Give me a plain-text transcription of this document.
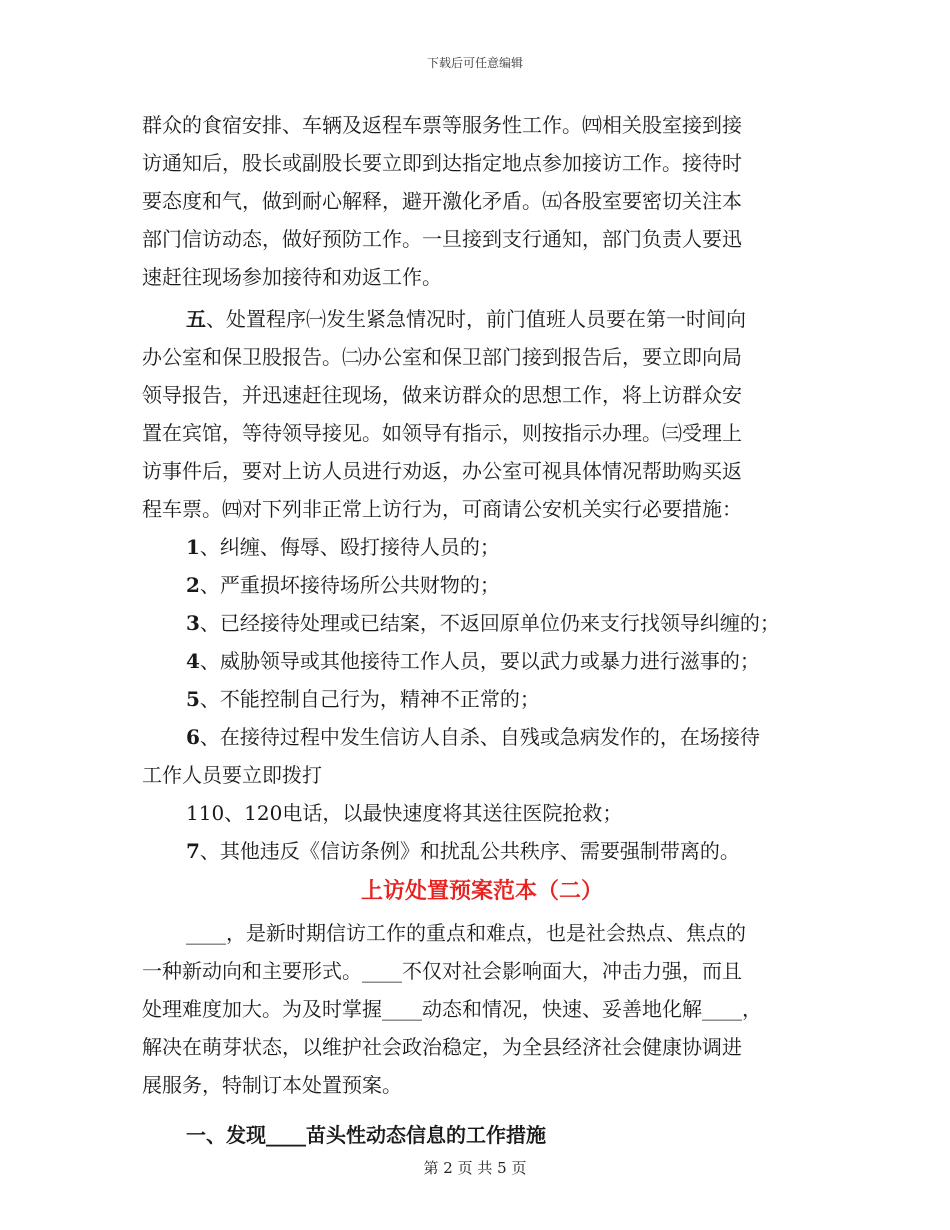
下载后可任意编辑
群众的食宿安排、车辆及返程车票等服务性工作。㈣相关股室接到接
访通知后，股长或副股长要立即到达指定地点参加接访工作。接待时
要态度和气，做到耐心解释，避开激化矛盾。㈤各股室要密切关注本
部门信访动态，做好预防工作。一旦接到支行通知，部门负责人要迅
速赶往现场参加接待和劝返工作。
五、处置程序㈠发生紧急情况时，前门值班人员要在第一时间向
办公室和保卫股报告。㈡办公室和保卫部门接到报告后，要立即向局
领导报告，并迅速赶往现场，做来访群众的思想工作，将上访群众安
置在宾馆，等待领导接见。如领导有指示，则按指示办理。㈢受理上
访事件后，要对上访人员进行劝返，办公室可视具体情况帮助购买返
程车票。㈣对下列非正常上访行为，可商请公安机关实行必要措施：
1、纠缠、侮辱、殴打接待人员的；
2、严重损坏接待场所公共财物的；
3、已经接待处理或已结案，不返回原单位仍来支行找领导纠缠的；
4、威胁领导或其他接待工作人员，要以武力或暴力进行滋事的；
5、不能控制自己行为，精神不正常的；
6、在接待过程中发生信访人自杀、自残或急病发作的，在场接待
工作人员要立即拨打
110、120电话，以最快速度将其送往医院抢救；
7、其他违反《信访条例》和扰乱公共秩序、需要强制带离的。
上访处置预案范本（二）
____，是新时期信访工作的重点和难点，也是社会热点、焦点的
一种新动向和主要形式。____不仅对社会影响面大，冲击力强，而且
处理难度加大。为及时掌握____动态和情况，快速、妥善地化解____，
解决在萌芽状态，以维护社会政治稳定，为全县经济社会健康协调进
展服务，特制订本处置预案。
一、发现____苗头性动态信息的工作措施
第 2 页 共 5 页
